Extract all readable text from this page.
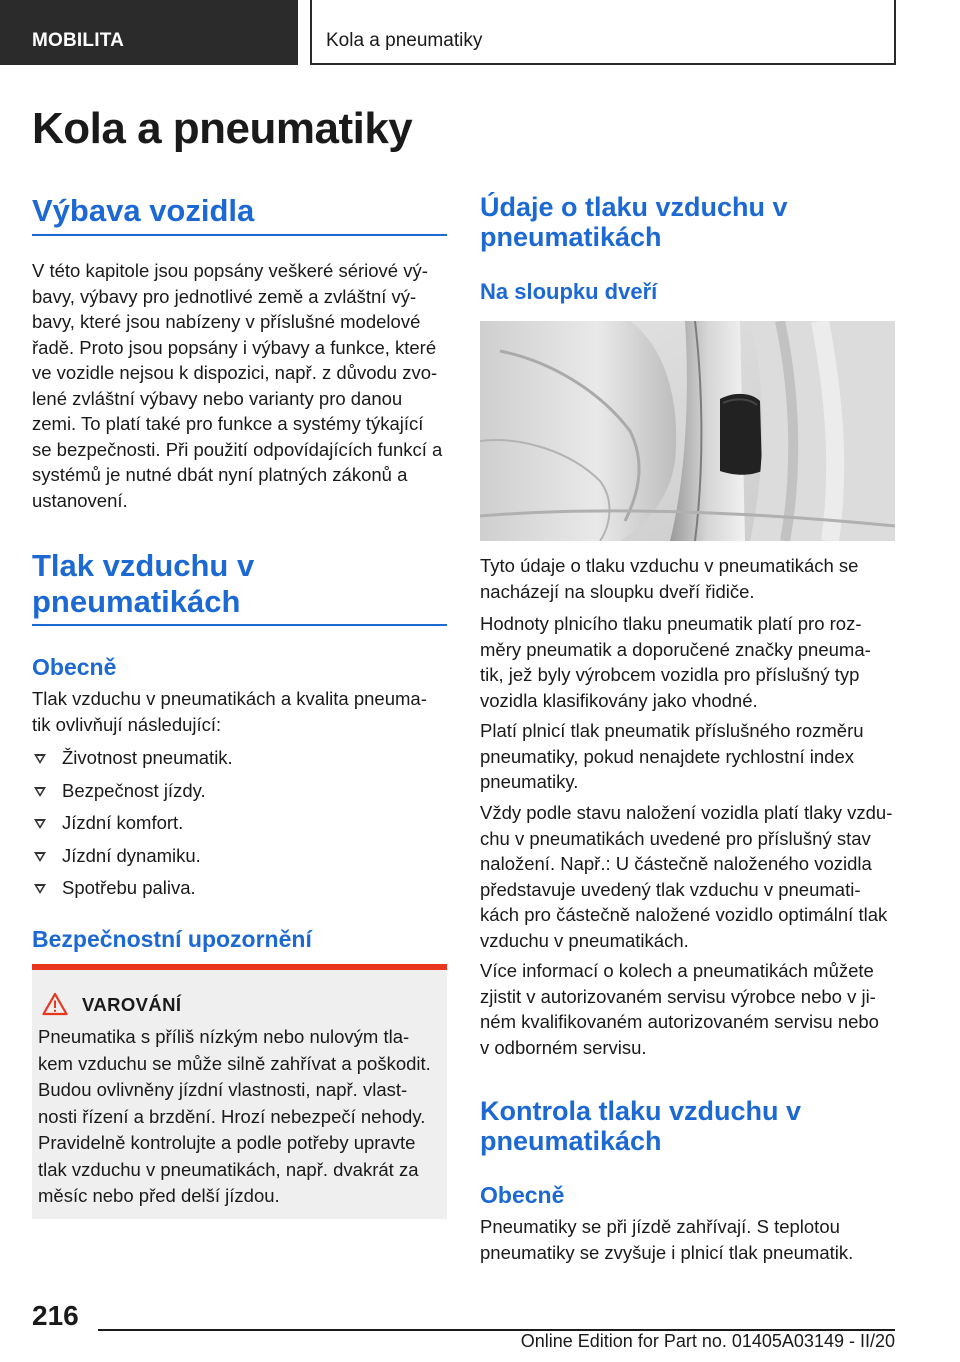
MOBILITA	Kola a pneumatiky
Kola a pneumatiky
Výbava vozidla
V této kapitole jsou popsány veškeré sériové vý-
bavy, výbavy pro jednotlivé země a zvláštní vý-
bavy, které jsou nabízeny v příslušné modelové
řadě. Proto jsou popsány i výbavy a funkce, které
ve vozidle nejsou k dispozici, např. z důvodu zvo-
lené zvláštní výbavy nebo varianty pro danou
zemi. To platí také pro funkce a systémy týkající
se bezpečnosti. Při použití odpovídajících funkcí a
systémů je nutné dbát nyní platných zákonů a
ustanovení.
Tlak vzduchu v
pneumatikách
Obecně
Tlak vzduchu v pneumatikách a kvalita pneuma-
tik ovlivňují následující:
Životnost pneumatik.
Bezpečnost jízdy.
Jízdní komfort.
Jízdní dynamiku.
Spotřebu paliva.
Bezpečnostní upozornění
VAROVÁNÍ
Pneumatika s příliš nízkým nebo nulovým tla-
kem vzduchu se může silně zahřívat a poškodit.
Budou ovlivněny jízdní vlastnosti, např. vlast-
nosti řízení a brzdění. Hrozí nebezpečí nehody.
Pravidelně kontrolujte a podle potřeby upravte
tlak vzduchu v pneumatikách, např. dvakrát za
měsíc nebo před delší jízdou.
Údaje o tlaku vzduchu v
pneumatikách
Na sloupku dveří
Tyto údaje o tlaku vzduchu v pneumatikách se
nacházejí na sloupku dveří řidiče.
Hodnoty plnicího tlaku pneumatik platí pro roz-
měry pneumatik a doporučené značky pneuma-
tik, jež byly výrobcem vozidla pro příslušný typ
vozidla klasifikovány jako vhodné.
Platí plnicí tlak pneumatik příslušného rozměru
pneumatiky, pokud nenajdete rychlostní index
pneumatiky.
Vždy podle stavu naložení vozidla platí tlaky vzdu-
chu v pneumatikách uvedené pro příslušný stav
naložení. Např.: U částečně naloženého vozidla
představuje uvedený tlak vzduchu v pneumati-
kách pro částečně naložené vozidlo optimální tlak
vzduchu v pneumatikách.
Více informací o kolech a pneumatikách můžete
zjistit v autorizovaném servisu výrobce nebo v ji-
ném kvalifikovaném autorizovaném servisu nebo
v odborném servisu.
Kontrola tlaku vzduchu v
pneumatikách
Obecně
Pneumatiky se při jízdě zahřívají. S teplotou
pneumatiky se zvyšuje i plnicí tlak pneumatik.
216
Online Edition for Part no. 01405A03149 - II/20
